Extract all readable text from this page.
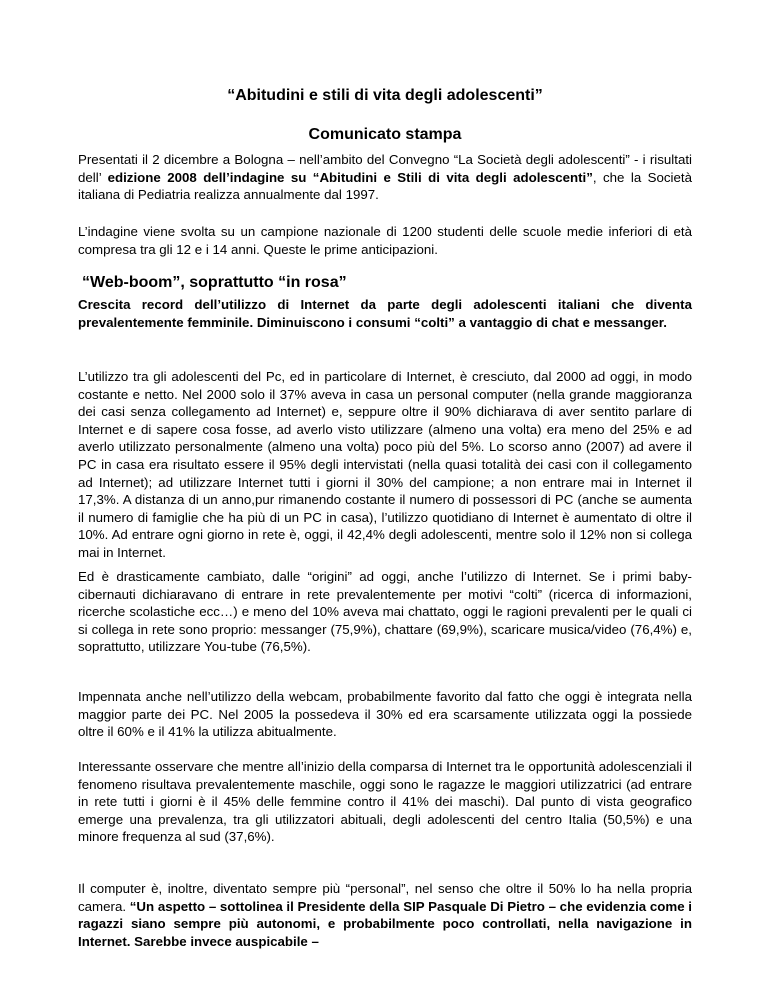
“Abitudini e stili di vita degli adolescenti”
Comunicato stampa

Presentati il 2 dicembre a Bologna – nell’ambito del Convegno “La Società degli adolescenti” - i risultati dell’ edizione 2008 dell’indagine su “Abitudini e Stili di vita degli adolescenti”, che la Società italiana di Pediatria realizza annualmente dal 1997.

L’indagine viene svolta su un campione nazionale di 1200 studenti delle scuole medie inferiori di età compresa tra gli 12 e i 14 anni. Queste le prime anticipazioni.

“Web-boom”, soprattutto “in rosa”

Crescita record dell’utilizzo di Internet da parte degli adolescenti italiani che diventa prevalentemente femminile. Diminuiscono i consumi “colti” a vantaggio di chat e messanger.

L’utilizzo tra gli adolescenti del Pc, ed in particolare di Internet, è cresciuto, dal 2000 ad oggi, in modo costante e netto. Nel 2000 solo il 37% aveva in casa un personal computer (nella grande maggioranza dei casi senza collegamento ad Internet) e, seppure oltre il 90% dichiarava di aver sentito parlare di Internet e di sapere cosa fosse, ad averlo visto utilizzare (almeno una volta) era meno del 25% e ad averlo utilizzato personalmente (almeno una volta) poco più del 5%. Lo scorso anno (2007) ad avere il PC in casa era risultato essere il 95% degli intervistati (nella quasi totalità dei casi con il collegamento ad Internet); ad utilizzare Internet tutti i giorni il 30% del campione; a non entrare mai in Internet il 17,3%. A distanza di un anno,pur rimanendo costante il numero di possessori di PC (anche se aumenta il numero di famiglie che ha più di un PC in casa), l’utilizzo quotidiano di Internet è aumentato di oltre il 10%. Ad entrare ogni giorno in rete è, oggi, il 42,4% degli adolescenti, mentre solo il 12% non si collega mai in Internet.

Ed è drasticamente cambiato, dalle “origini” ad oggi, anche l’utilizzo di Internet. Se i primi baby-cibernauti dichiaravano di entrare in rete prevalentemente per motivi “colti” (ricerca di informazioni, ricerche scolastiche ecc…) e meno del 10% aveva mai chattato, oggi le ragioni prevalenti per le quali ci si collega in rete sono proprio: messanger (75,9%), chattare (69,9%), scaricare musica/video (76,4%) e, soprattutto, utilizzare You-tube (76,5%).

Impennata anche nell’utilizzo della webcam, probabilmente favorito dal fatto che oggi è integrata nella maggior parte dei PC. Nel 2005 la possedeva il 30% ed era scarsamente utilizzata oggi la possiede oltre il 60% e il 41% la utilizza abitualmente.

Interessante osservare che mentre all’inizio della comparsa di Internet tra le opportunità adolescenziali il fenomeno risultava prevalentemente maschile, oggi sono le ragazze le maggiori utilizzatrici (ad entrare in rete tutti i giorni è il 45% delle femmine contro il 41% dei maschi). Dal punto di vista geografico emerge una prevalenza, tra gli utilizzatori abituali, degli adolescenti del centro Italia (50,5%) e una minore frequenza al sud (37,6%).

Il computer è, inoltre, diventato sempre più “personal”, nel senso che oltre il 50% lo ha nella propria camera. “Un aspetto – sottolinea il Presidente della SIP Pasquale Di Pietro – che evidenzia come i ragazzi siano sempre più autonomi, e probabilmente poco controllati, nella navigazione in Internet. Sarebbe invece auspicabile –
